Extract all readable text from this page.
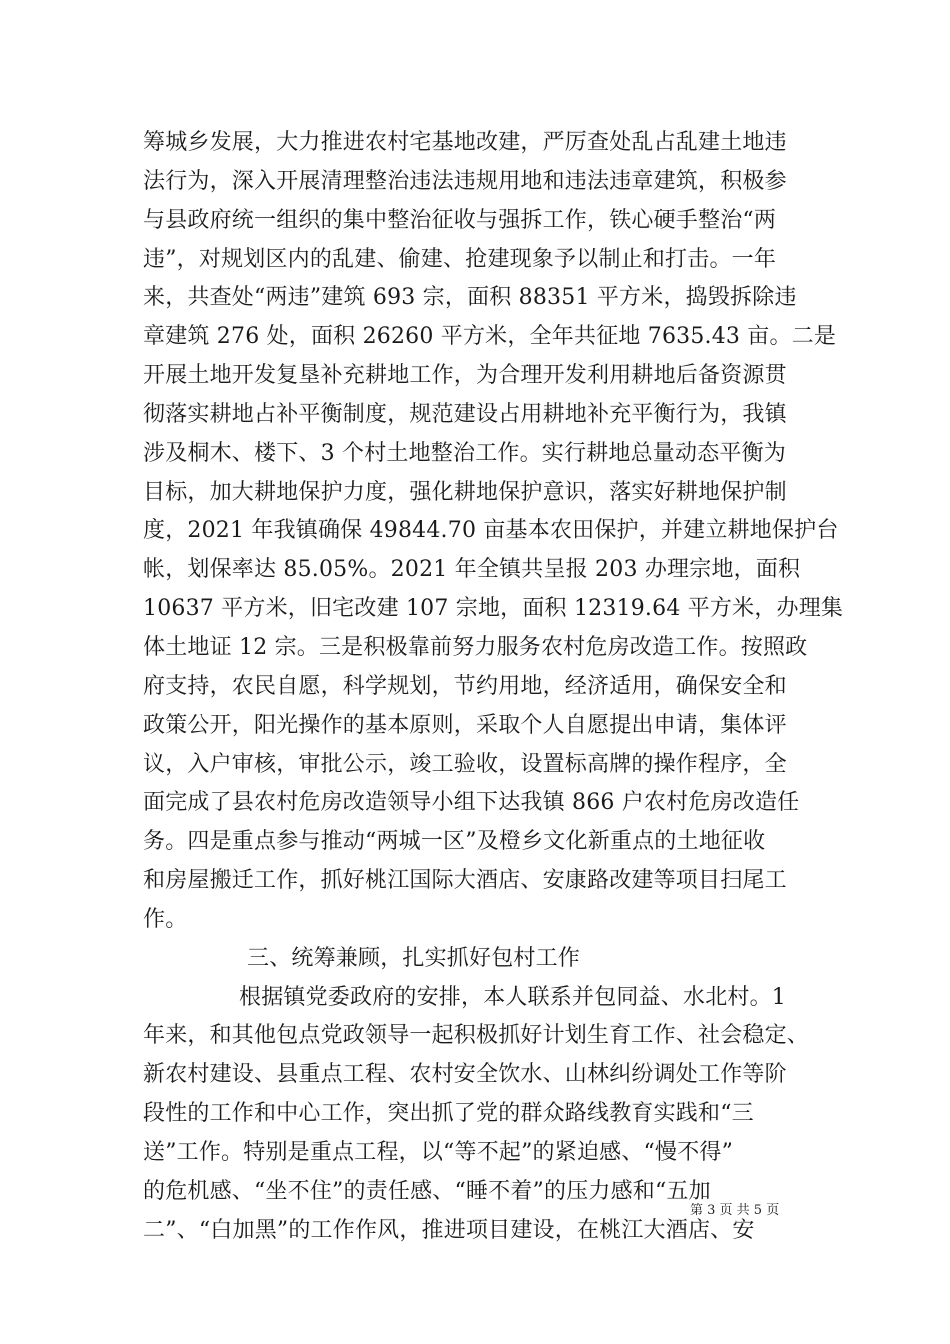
筹城乡发展，大力推进农村宅基地改建，严厉查处乱占乱建土地违
法行为，深入开展清理整治违法违规用地和违法违章建筑，积极参
与县政府统一组织的集中整治征收与强拆工作，铁心硬手整治“两
违”，对规划区内的乱建、偷建、抢建现象予以制止和打击。一年
来，共查处“两违”建筑 693 宗，面积 88351 平方米，捣毁拆除违
章建筑 276 处，面积 26260 平方米，全年共征地 7635.43 亩。二是
开展土地开发复垦补充耕地工作，为合理开发利用耕地后备资源贯
彻落实耕地占补平衡制度，规范建设占用耕地补充平衡行为，我镇
涉及桐木、楼下、3 个村土地整治工作。实行耕地总量动态平衡为
目标，加大耕地保护力度，强化耕地保护意识，落实好耕地保护制
度，2021 年我镇确保 49844.70 亩基本农田保护，并建立耕地保护台
帐，划保率达 85.05%。2021 年全镇共呈报 203 办理宗地，面积
10637 平方米，旧宅改建 107 宗地，面积 12319.64 平方米，办理集
体土地证 12 宗。三是积极靠前努力服务农村危房改造工作。按照政
府支持，农民自愿，科学规划，节约用地，经济适用，确保安全和
政策公开，阳光操作的基本原则，采取个人自愿提出申请，集体评
议，入户审核，审批公示，竣工验收，设置标高牌的操作程序，全
面完成了县农村危房改造领导小组下达我镇 866 户农村危房改造任
务。四是重点参与推动“两城一区”及橙乡文化新重点的土地征收
和房屋搬迁工作，抓好桃江国际大酒店、安康路改建等项目扫尾工
作。
三、统筹兼顾，扎实抓好包村工作
根据镇党委政府的安排，本人联系并包同益、水北村。1
年来，和其他包点党政领导一起积极抓好计划生育工作、社会稳定、
新农村建设、县重点工程、农村安全饮水、山林纠纷调处工作等阶
段性的工作和中心工作，突出抓了党的群众路线教育实践和“三
送”工作。特别是重点工程，以“等不起”的紧迫感、“慢不得”
的危机感、“坐不住”的责任感、“睡不着”的压力感和“五加
二”、“白加黑”的工作作风，推进项目建设，在桃江大酒店、安
第 3 页 共 5 页
